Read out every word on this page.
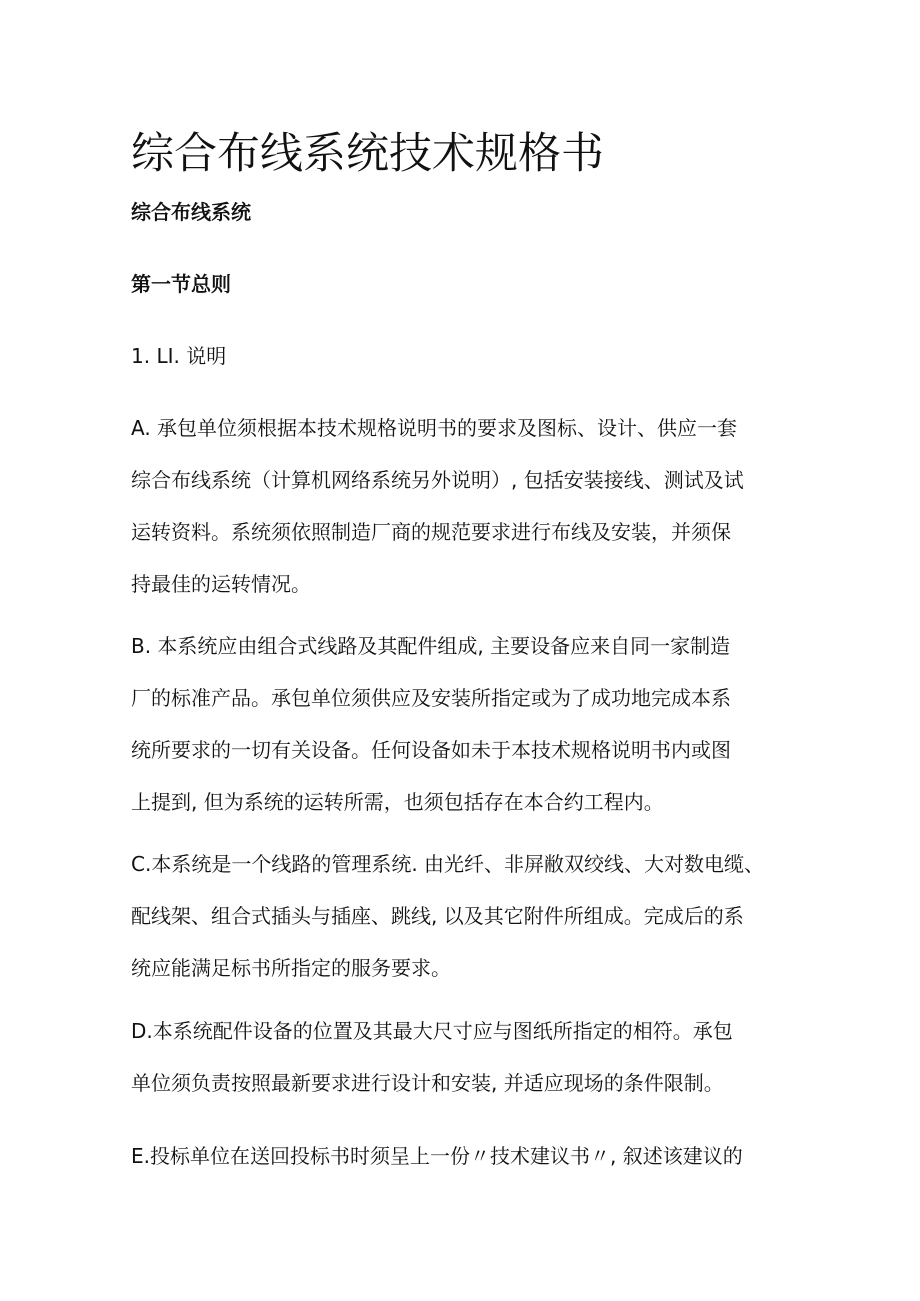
综合布线系统技术规格书
综合布线系统
第一节总则

1. LI. 说明

A. 承包单位须根据本技术规格说明书的要求及图标、设计、供应一套
综合布线系统（计算机网络系统另外说明）, 包括安装接线、测试及试
运转资料。系统须依照制造厂商的规范要求进行布线及安装，并须保
持最佳的运转情况。

B. 本系统应由组合式线路及其配件组成, 主要设备应来自同一家制造
厂的标准产品。承包单位须供应及安装所指定或为了成功地完成本系
统所要求的一切有关设备。任何设备如未于本技术规格说明书内或图
上提到, 但为系统的运转所需，也须包括存在本合约工程内。

C.本系统是一个线路的管理系统. 由光纤、非屏敝双绞线、大对数电缆、
配线架、组合式插头与插座、跳线, 以及其它附件所组成。完成后的系
统应能满足标书所指定的服务要求。

D.本系统配件设备的位置及其最大尺寸应与图纸所指定的相符。承包
单位须负责按照最新要求进行设计和安装, 并适应现场的条件限制。

E.投标单位在送回投标书时须呈上一份〃技术建议书〃, 叙述该建议的
